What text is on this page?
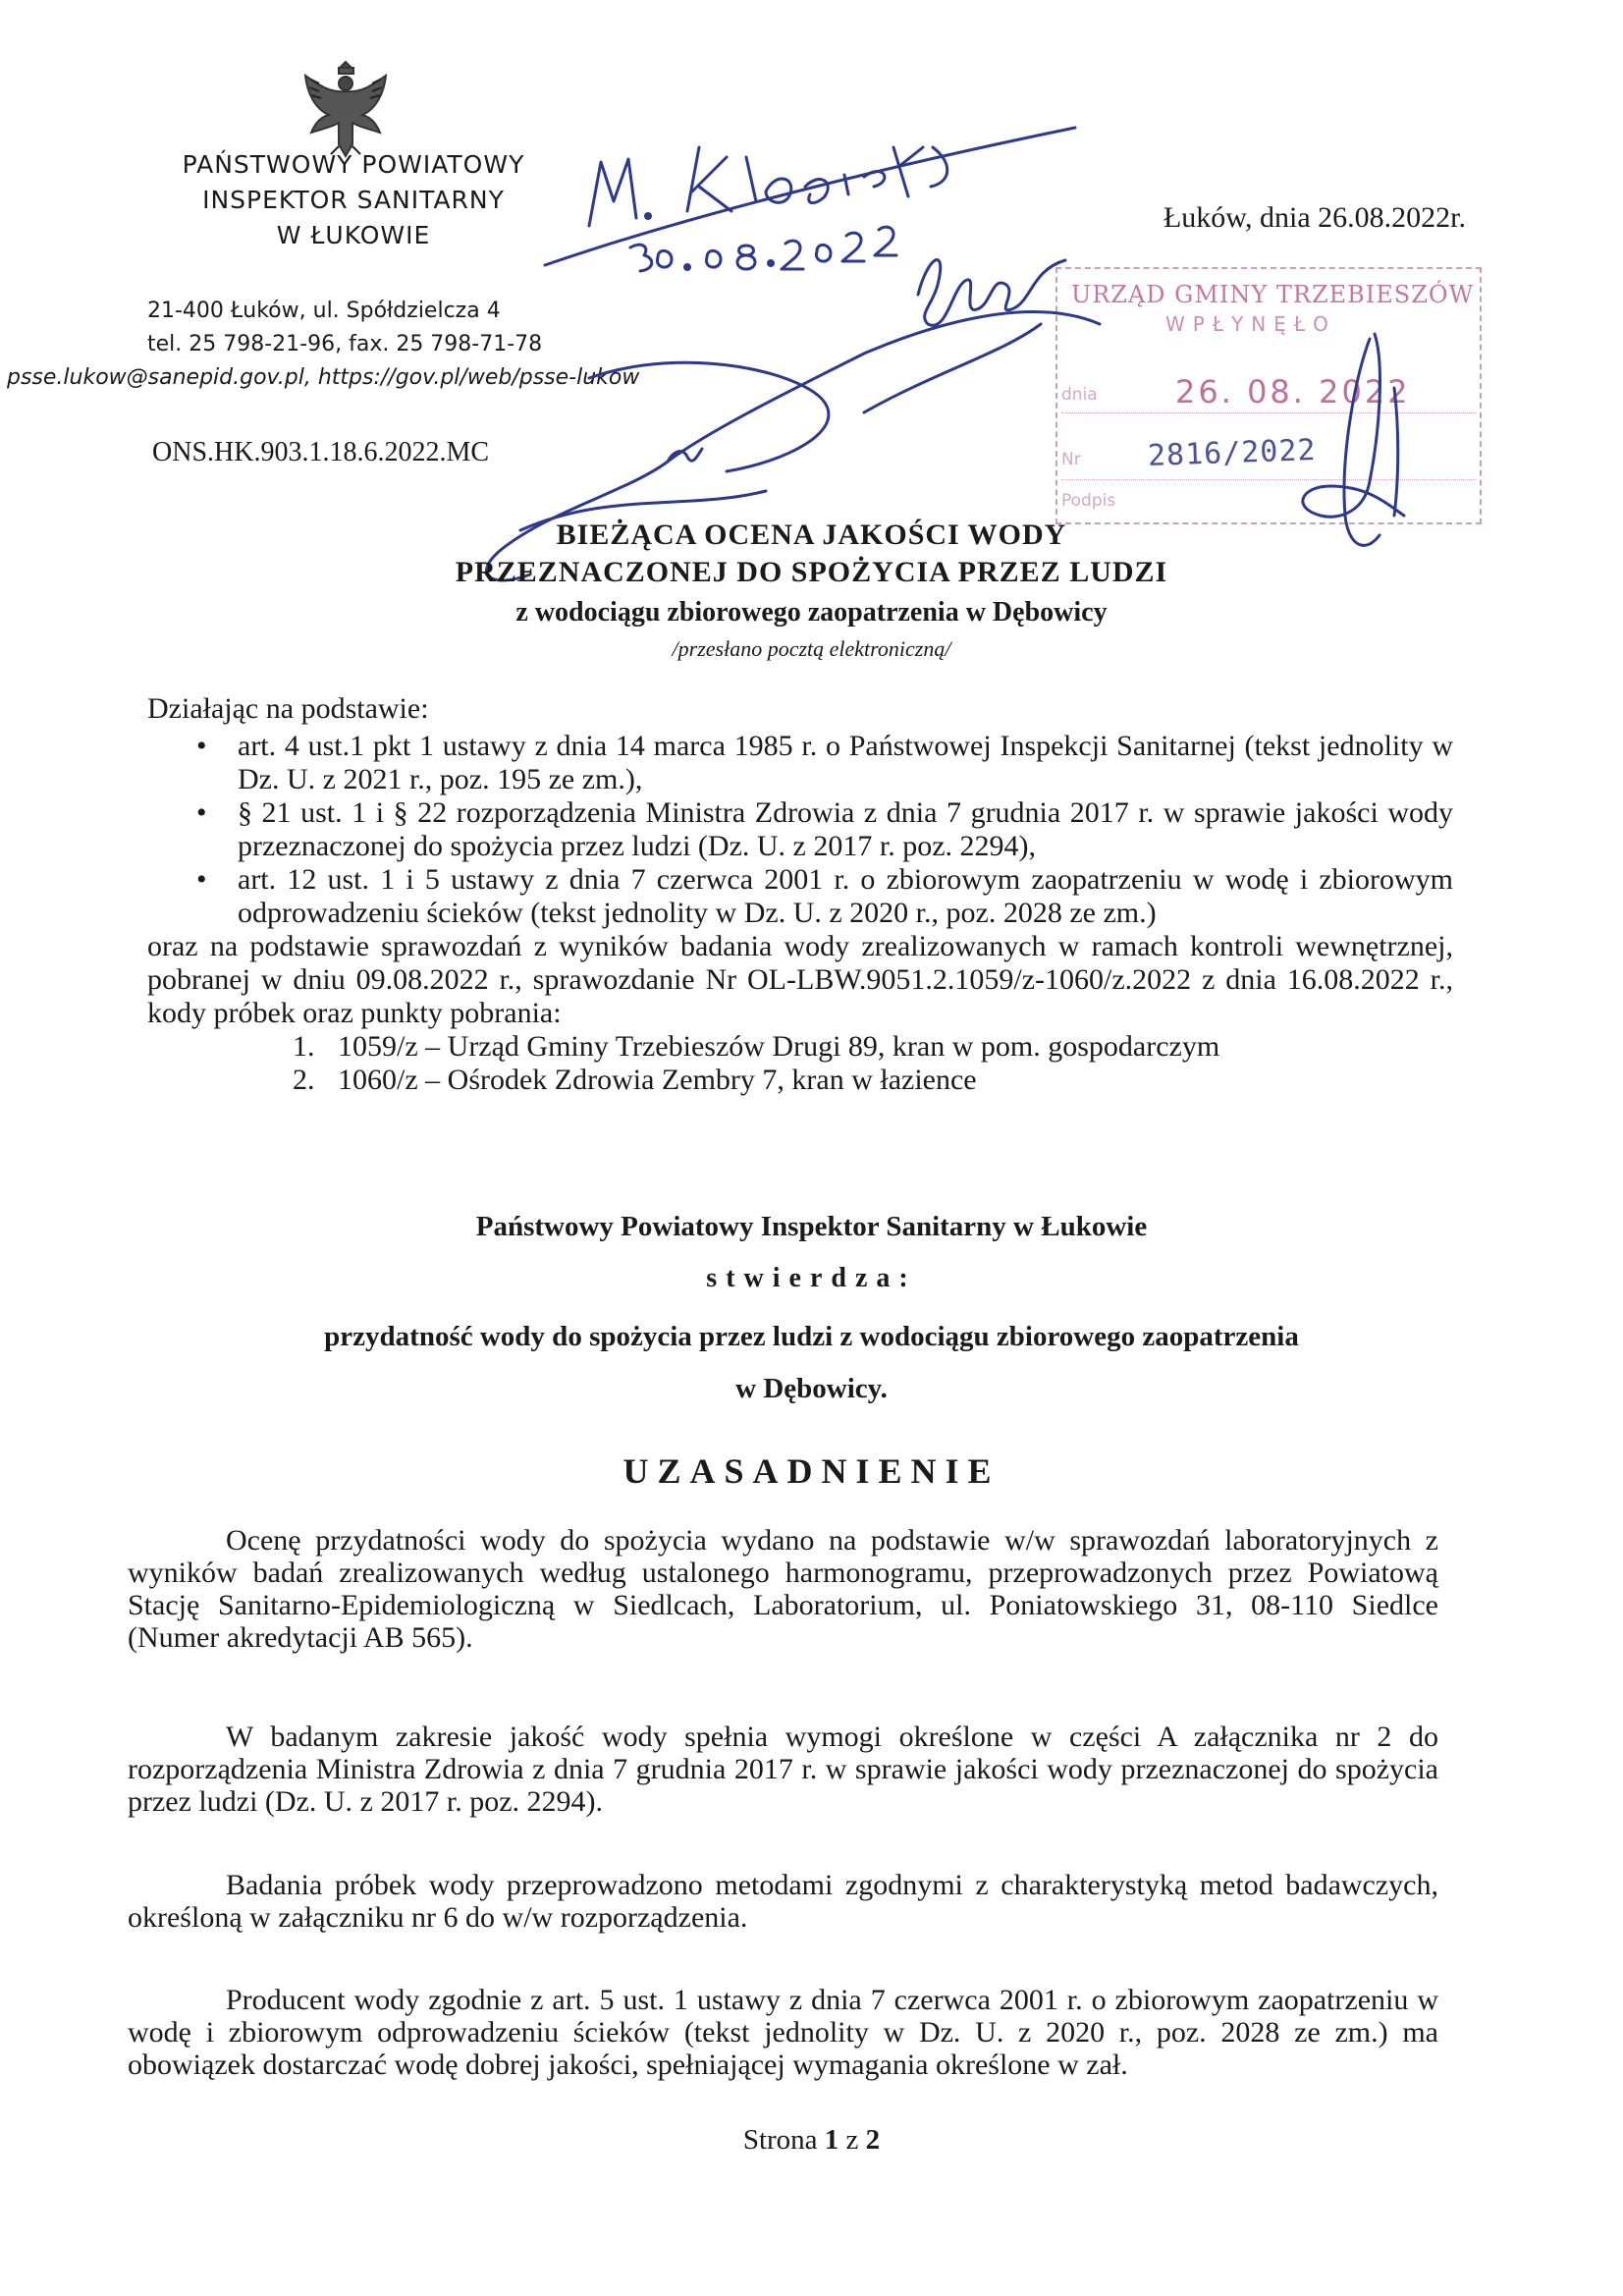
PAŃSTWOWY POWIATOWY
INSPEKTOR SANITARNY
W ŁUKOWIE
21-400 Łuków, ul. Spółdzielcza 4
tel. 25 798-21-96, fax. 25 798-71-78
psse.lukow@sanepid.gov.pl, https://gov.pl/web/psse-lukow
ONS.HK.903.1.18.6.2022.MC
Łuków, dnia 26.08.2022r.
URZĄD GMINY TRZEBIESZÓW
WPŁYNĘŁO
dnia 26. 08. 2022
Nr 2816/2022
Podpis
BIEŻĄCA OCENA JAKOŚCI WODY
PRZEZNACZONEJ DO SPOŻYCIA PRZEZ LUDZI
z wodociągu zbiorowego zaopatrzenia w Dębowicy
/przesłano pocztą elektroniczną/

Działając na podstawie:

• art. 4 ust.1 pkt 1 ustawy z dnia 14 marca 1985 r. o Państwowej Inspekcji Sanitarnej (tekst jednolity w Dz. U. z 2021 r., poz. 195 ze zm.),
• § 21 ust. 1 i § 22 rozporządzenia Ministra Zdrowia z dnia 7 grudnia 2017 r. w sprawie jakości wody przeznaczonej do spożycia przez ludzi (Dz. U. z 2017 r. poz. 2294),
• art. 12 ust. 1 i 5 ustawy z dnia 7 czerwca 2001 r. o zbiorowym zaopatrzeniu w wodę i zbiorowym odprowadzeniu ścieków (tekst jednolity w Dz. U. z 2020 r., poz. 2028 ze zm.)
oraz na podstawie sprawozdań z wyników badania wody zrealizowanych w ramach kontroli wewnętrznej, pobranej w dniu 09.08.2022 r., sprawozdanie Nr OL-LBW.9051.2.1059/z-1060/z.2022 z dnia 16.08.2022 r., kody próbek oraz punkty pobrania:
1. 1059/z – Urząd Gminy Trzebieszów Drugi 89, kran w pom. gospodarczym
2. 1060/z – Ośrodek Zdrowia Zembry 7, kran w łazience
Państwowy Powiatowy Inspektor Sanitarny w Łukowie
stwierdza:
przydatność wody do spożycia przez ludzi z wodociągu zbiorowego zaopatrzenia
w Dębowicy.
UZASADNIENIE
Ocenę przydatności wody do spożycia wydano na podstawie w/w sprawozdań laboratoryjnych z wyników badań zrealizowanych według ustalonego harmonogramu, przeprowadzonych przez Powiatową Stację Sanitarno-Epidemiologiczną w Siedlcach, Laboratorium, ul. Poniatowskiego 31, 08-110 Siedlce (Numer akredytacji AB 565).
W badanym zakresie jakość wody spełnia wymogi określone w części A załącznika nr 2 do rozporządzenia Ministra Zdrowia z dnia 7 grudnia 2017 r. w sprawie jakości wody przeznaczonej do spożycia przez ludzi (Dz. U. z 2017 r. poz. 2294).
Badania próbek wody przeprowadzono metodami zgodnymi z charakterystyką metod badawczych, określoną w załączniku nr 6 do w/w rozporządzenia.
Producent wody zgodnie z art. 5 ust. 1 ustawy z dnia 7 czerwca 2001 r. o zbiorowym zaopatrzeniu w wodę i zbiorowym odprowadzeniu ścieków (tekst jednolity w Dz. U. z 2020 r., poz. 2028 ze zm.) ma obowiązek dostarczać wodę dobrej jakości, spełniającej wymagania określone w zał.
Strona 1 z 2
